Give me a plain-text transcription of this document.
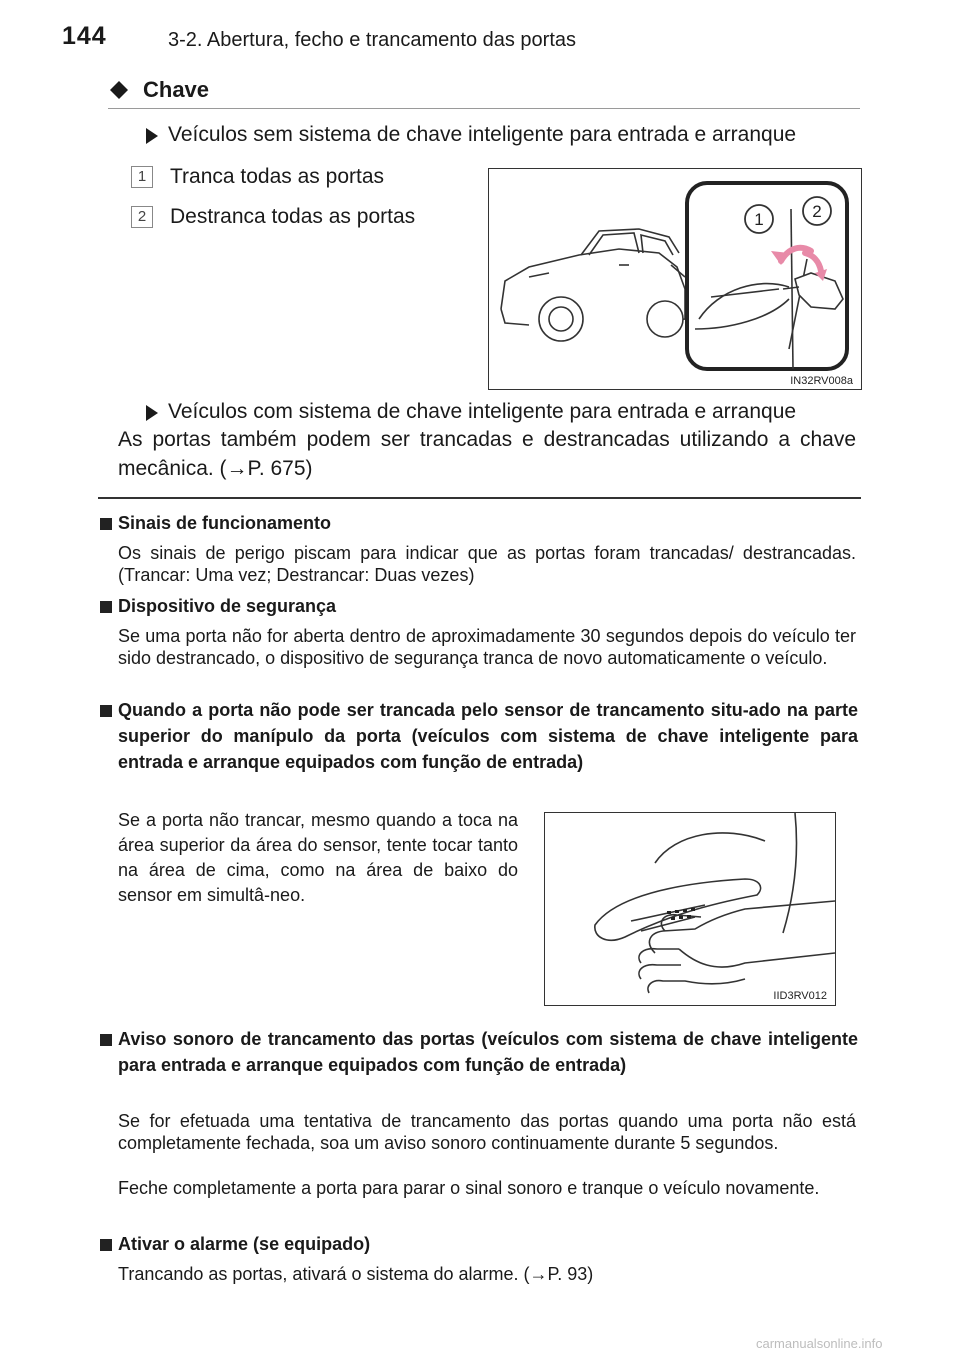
144	3-2. Abertura, fecho e trancamento das portas
Chave
Veículos sem sistema de chave inteligente para entrada e arranque
1	Tranca todas as portas
2	Destranca todas as portas	1	2
IN32RV008a
Veículos com sistema de chave inteligente para entrada e arranque
As portas também podem ser trancadas e destrancadas utilizando a chave mecânica. (→P. 675)
Sinais de funcionamento
Os sinais de perigo piscam para indicar que as portas foram trancadas/ destrancadas. (Trancar: Uma vez; Destrancar: Duas vezes)
Dispositivo de segurança
Se uma porta não for aberta dentro de aproximadamente 30 segundos depois do veículo ter sido destrancado, o dispositivo de segurança tranca de novo automaticamente o veículo.
Quando a porta não pode ser trancada pelo sensor de trancamento situ-ado na parte superior do manípulo da porta (veículos com sistema de chave inteligente para entrada e arranque equipados com função de entrada)
Se a porta não trancar, mesmo quando a toca na área superior da área do sensor, tente tocar tanto na área de cima, como na área de baixo do sensor em simultâ-neo.
IID3RV012
Aviso sonoro de trancamento das portas (veículos com sistema de chave inteligente para entrada e arranque equipados com função de entrada)
Se for efetuada uma tentativa de trancamento das portas quando uma porta não está completamente fechada, soa um aviso sonoro continuamente durante 5 segundos.
Feche completamente a porta para parar o sinal sonoro e tranque o veículo novamente.
Ativar o alarme (se equipado)
Trancando as portas, ativará o sistema do alarme. (→P. 93)
carmanualsonline.info
